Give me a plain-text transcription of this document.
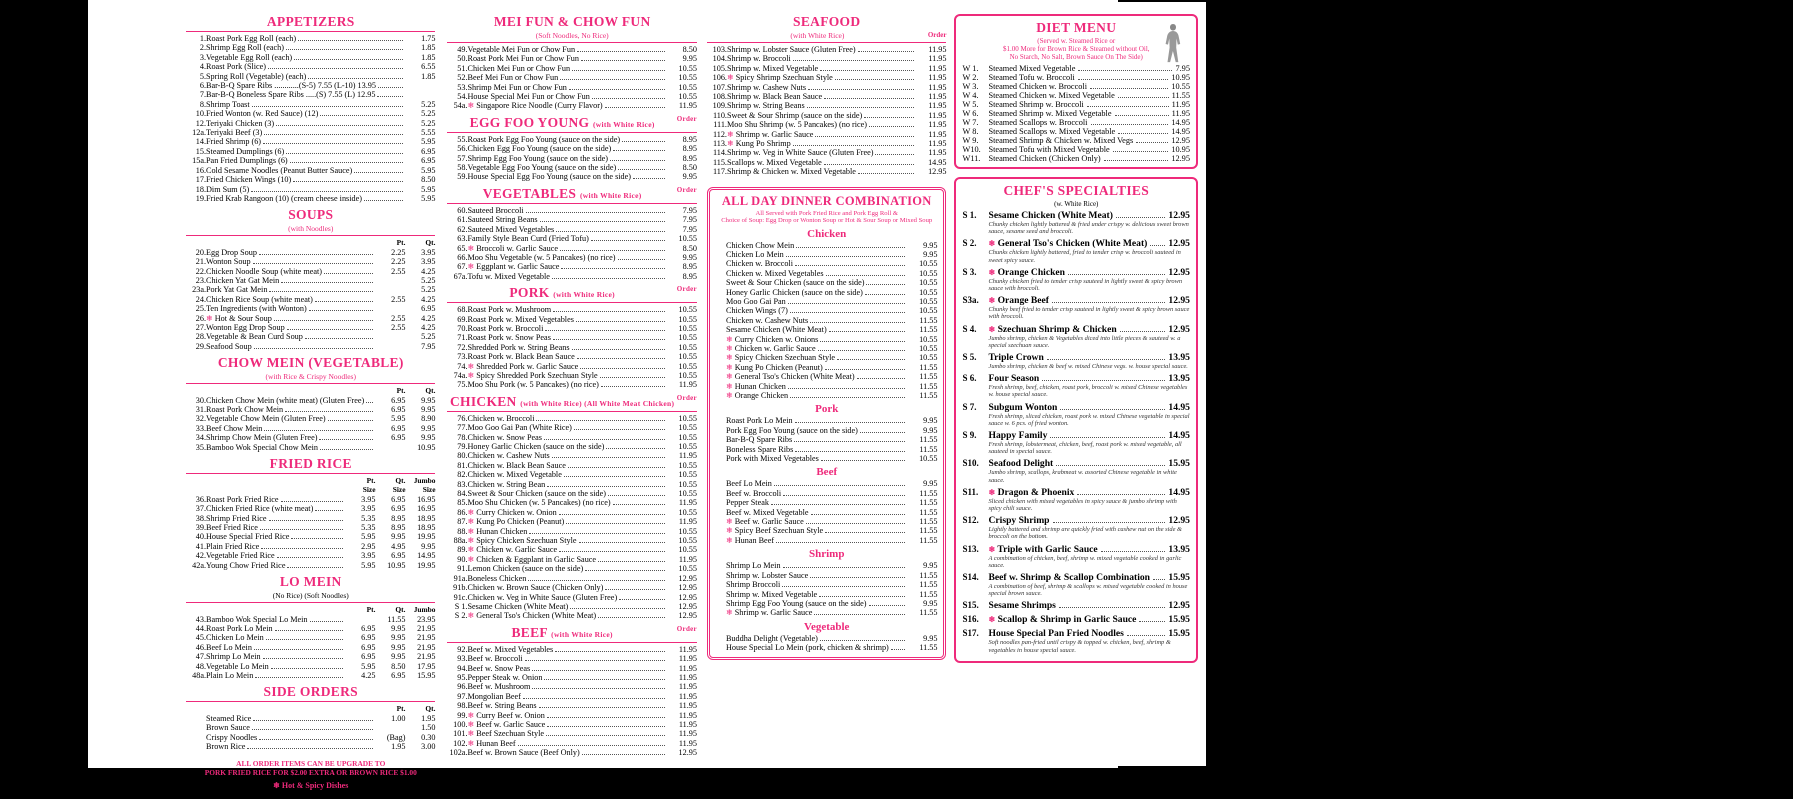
APPETIZERS
1.	Roast Pork Egg Roll (each)	1.75
2.	Shrimp Egg Roll (each)	1.85
3.	Vegetable Egg Roll (each)	1.85
4.	Roast Pork (Slice)	6.55
5.	Spring Roll (Vegetable) (each)	1.85
6.	Bar-B-Q Spare Ribs ............(S-5) 7.55 (L-10) 13.95	

7.	Bar-B-Q Boneless Spare Ribs .....(S) 7.55 (L) 12.95	

8.	Shrimp Toast	5.25
10.	Fried Wonton (w. Red Sauce) (12)	5.25
12.	Teriyaki Chicken (3)	5.25
12a.	Teriyaki Beef (3)	5.55
14.	Fried Shrimp (6)	5.95
15.	Steamed Dumplings (6)	6.95
15a.	Pan Fried Dumplings (6)	6.95
16.	Cold Sesame Noodles (Peanut Butter Sauce)	5.95
17.	Fried Chicken Wings (10)	8.50
18.	Dim Sum (5)	5.95
19.	Fried Krab Rangoon (10) (cream cheese inside)	5.95
SOUPS
(with Noodles)
		Pt.	Qt.
20.	Egg Drop Soup	2.25	3.95
21.	Wonton Soup	2.25	3.95
22.	Chicken Noodle Soup (white meat)	2.55	4.25
23.	Chicken Yat Gat Mein		5.25
23a.	Pork Yat Gat Mein		5.25
24.	Chicken Rice Soup (white meat)	2.55	4.25
25.	Ten Ingredients (with Wonton)		6.95
26.	❄ Hot & Sour Soup	2.55	4.25
27.	Wonton Egg Drop Soup	2.55	4.25
28.	Vegetable & Bean Curd Soup		5.25
29.	Seafood Soup		7.95
CHOW MEIN (VEGETABLE)
(with Rice & Crispy Noodles)
		Pt.	Qt.
30.	Chicken Chow Mein (white meat) (Gluten Free)	6.95	9.95
31.	Roast Pork Chow Mein	6.95	9.95
32.	Vegetable Chow Mein (Gluten Free)	5.95	8.90
33.	Beef Chow Mein	6.95	9.95
34.	Shrimp Chow Mein (Gluten Free)	6.95	9.95
35.	Bamboo Wok Special Chow Mein		10.95
FRIED RICE
		Pt.	Qt.	Jumbo
		Size	Size	Size
36.	Roast Pork Fried Rice	3.95	6.95	16.95
37.	Chicken Fried Rice (white meat)	3.95	6.95	16.95
38.	Shrimp Fried Rice	5.35	8.95	18.95
39.	Beef Fried Rice	5.35	8.95	18.95
40.	House Special Fried Rice	5.95	9.95	19.95
41.	Plain Fried Rice	2.95	4.95	9.95
42.	Vegetable Fried Rice	3.95	6.95	14.95
42a.	Young Chow Fried Rice	5.95	10.95	19.95
LO MEIN
(No Rice) (Soft Noodles)
		Pt.	Qt.	Jumbo
43.	Bamboo Wok Special Lo Mein		11.55	23.95
44.	Roast Pork Lo Mein	6.95	9.95	21.95
45.	Chicken Lo Mein	6.95	9.95	21.95
46.	Beef Lo Mein	6.95	9.95	21.95
47.	Shrimp Lo Mein	6.95	9.95	21.95
48.	Vegetable Lo Mein	5.95	8.50	17.95
48a.	Plain Lo Mein	4.25	6.95	15.95
SIDE ORDERS
		Pt.	Qt.

	Steamed Rice	1.00	1.95

	Brown Sauce		1.50

	Crispy Noodles	(Bag)	0.30

	Brown Rice	1.95	3.00
ALL ORDER ITEMS CAN BE UPGRADE TO
PORK FRIED RICE FOR $2.00 EXTRA OR BROWN RICE $1.00
❄ Hot & Spicy Dishes
We can alter the spice according to your taste.
MEI FUN & CHOW FUN
(Soft Noodles, No Rice)
49.	Vegetable Mei Fun or Chow Fun	8.50
50.	Roast Pork Mei Fun or Chow Fun	9.95
51.	Chicken Mei Fun or Chow Fun	10.55
52.	Beef Mei Fun or Chow Fun	10.55
53.	Shrimp Mei Fun or Chow Fun	10.55
54.	House Special Mei Fun or Chow Fun	10.55
54a.	❄ Singapore Rice Noodle (Curry Flavor)	11.95
EGG FOO YOUNG (with White Rice)
Order
55.	Roast Pork Egg Foo Young (sauce on the side)	8.95
56.	Chicken Egg Foo Young (sauce on the side)	8.95
57.	Shrimp Egg Foo Young (sauce on the side)	8.95
58.	Vegetable Egg Foo Young (sauce on the side)	8.50
59.	House Special Egg Foo Young (sauce on the side)	9.95
VEGETABLES (with White Rice)
Order
60.	Sauteed Broccoli	7.95
61.	Sauteed String Beans	7.95
62.	Sauteed Mixed Vegetables	7.95
63.	Family Style Bean Curd (Fried Tofu)	10.55
65.	❄ Broccoli w. Garlic Sauce	8.50
66.	Moo Shu Vegetable (w. 5 Pancakes) (no rice)	9.95
67.	❄ Eggplant w. Garlic Sauce	8.95
67a.	Tofu w. Mixed Vegetable	8.95
PORK (with White Rice)
Order
68.	Roast Pork w. Mushroom	10.55
69.	Roast Pork w. Mixed Vegetables	10.55
70.	Roast Pork w. Broccoli	10.55
71.	Roast Pork w. Snow Peas	10.55
72.	Shredded Pork w. String Beans	10.55
73.	Roast Pork w. Black Bean Sauce	10.55
74.	❄ Shredded Pork w. Garlic Sauce	10.55
74a.	❄ Spicy Shredded Pork Szechuan Style	10.55
75.	Moo Shu Pork (w. 5 Pancakes) (no rice)	11.95
CHICKEN (with White Rice) (All White Meat Chicken)
Order
76.	Chicken w. Broccoli	10.55
77.	Moo Goo Gai Pan (White Rice)	10.55
78.	Chicken w. Snow Peas	10.55
79.	Honey Garlic Chicken (sauce on the side)	10.55
80.	Chicken w. Cashew Nuts	11.95
81.	Chicken w. Black Bean Sauce	10.55
82.	Chicken w. Mixed Vegetable	10.55
83.	Chicken w. String Bean	10.55
84.	Sweet & Sour Chicken (sauce on the side)	10.55
85.	Moo Shu Chicken (w. 5 Pancakes) (no rice)	11.95
86.	❄ Curry Chicken w. Onion	10.55
87.	❄ Kung Po Chicken (Peanut)	11.95
88.	❄ Hunan Chicken	10.55
88a.	❄ Spicy Chicken Szechuan Style	10.55
89.	❄ Chicken w. Garlic Sauce	10.55
90.	❄ Chicken & Eggplant in Garlic Sauce	11.95
91.	Lemon Chicken (sauce on the side)	10.55
91a.	Boneless Chicken	12.95
91b.	Chicken w. Brown Sauce (Chicken Only)	12.95
91c.	Chicken w. Veg in White Sauce (Gluten Free)	12.95
S 1.	Sesame Chicken (White Meat)	12.95
S 2.	❄ General Tso's Chicken (White Meat)	12.95
BEEF (with White Rice)
Order
92.	Beef w. Mixed Vegetables	11.95
93.	Beef w. Broccoli	11.95
94.	Beef w. Snow Peas	11.95
95.	Pepper Steak w. Onion	11.95
96.	Beef w. Mushroom	11.95
97.	Mongolian Beef	11.95
98.	Beef w. String Beans	11.95
99.	❄ Curry Beef w. Onion	11.95
100.	❄ Beef w. Garlic Sauce	11.95
101.	❄ Beef Szechuan Style	11.95
102.	❄ Hunan Beef	11.95
102a.	Beef w. Brown Sauce (Beef Only)	12.95
SEAFOOD
(with White Rice)	Order
103.	Shrimp w. Lobster Sauce (Gluten Free)	11.95
104.	Shrimp w. Broccoli	11.95
105.	Shrimp w. Mixed Vegetable	11.95
106.	❄ Spicy Shrimp Szechuan Style	11.95
107.	Shrimp w. Cashew Nuts	11.95
108.	Shrimp w. Black Bean Sauce	11.95
109.	Shrimp w. String Beans	11.95
110.	Sweet & Sour Shrimp (sauce on the side)	11.95
111.	Moo Shu Shrimp (w. 5 Pancakes) (no rice)	11.95
112.	❄ Shrimp w. Garlic Sauce	11.95
113.	❄ Kung Po Shrimp	11.95
114.	Shrimp w. Veg in White Sauce (Gluten Free)	11.95
115.	Scallops w. Mixed Vegetable	14.95
117.	Shrimp & Chicken w. Mixed Vegetable	12.95
ALL DAY DINNER COMBINATION
All Served with Pork Fried Rice and Pork Egg Roll &
Choice of Soup: Egg Drop or Wonton Soup or Hot & Sour Soup or Mixed Soup
Chicken
Chicken Chow Mein	9.95

Chicken Lo Mein	9.95

Chicken w. Broccoli	10.55

Chicken w. Mixed Vegetables	10.55

Sweet & Sour Chicken (sauce on the side)	10.55

Honey Garlic Chicken (sauce on the side)	10.55

Moo Goo Gai Pan	10.55

Chicken Wings (7)	10.55

Chicken w. Cashew Nuts	11.55

Sesame Chicken (White Meat)	11.55

❄ Curry Chicken w. Onions	10.55

❄ Chicken w. Garlic Sauce	10.55

❄ Spicy Chicken Szechuan Style	10.55

❄ Kung Po Chicken (Peanut)	11.55

❄ General Tso's Chicken (White Meat)	11.55

❄ Hunan Chicken	11.55

❄ Orange Chicken	11.55
Pork
Roast Pork Lo Mein	9.95

Pork Egg Foo Young (sauce on the side)	9.95

Bar-B-Q Spare Ribs	11.55

Boneless Spare Ribs	11.55

Pork with Mixed Vegetables	10.55
Beef
Beef Lo Mein	9.95

Beef w. Broccoli	11.55

Pepper Steak	11.55

Beef w. Mixed Vegetable	11.55

❄ Beef w. Garlic Sauce	11.55

❄ Spicy Beef Szechuan Style	11.55

❄ Hunan Beef	11.55
Shrimp
Shrimp Lo Mein	9.95

Shrimp w. Lobster Sauce	11.55

Shrimp Broccoli	11.55

Shrimp w. Mixed Vegetable	11.55

Shrimp Egg Foo Young (sauce on the side)	9.95

❄ Shrimp w. Garlic Sauce	11.55
Vegetable
Buddha Delight (Vegetable)	9.95

House Special Lo Mein (pork, chicken & shrimp)	11.55
DIET MENU
(Served w. Steamed Rice or
$1.00 More for Brown Rice & Steamed without Oil,
No Starch, No Salt, Brown Sauce On The Side)
W 1.	Steamed Mixed Vegetable	7.95
W 2.	Steamed Tofu w. Broccoli	10.95
W 3.	Steamed Chicken w. Broccoli	10.55
W 4.	Steamed Chicken w. Mixed Vegetable	11.55
W 5.	Steamed Shrimp w. Broccoli	11.95
W 6.	Steamed Shrimp w. Mixed Vegetable	11.95
W 7.	Steamed Scallops w. Broccoli	14.95
W 8.	Steamed Scallops w. Mixed Vegetable	14.95
W 9.	Steamed Shrimp & Chicken w. Mixed Vegs	12.95
W10. Steamed Tofu with Mixed Vegetable	10.95
W11. Steamed Chicken (Chicken Only)	12.95
CHEF'S SPECIALTIES
(w. White Rice)
S 1.	Sesame Chicken (White Meat)	12.95
Chunky chicken lightly battered & fried under crispy w. delicious sweet brown sauce, sesame seed and broccoli.
S 2.	❄ General Tso's Chicken (White Meat) 12.95
Chunks chicken lightly battered, fried to tender crisp w. broccoli sauteed in sweet spicy sauce.
S 3.	❄ Orange Chicken	12.95
Chunky chicken fried to tender crisp sauteed in lightly sweet & spicy brown sauce with broccoli.
S3a.	❄ Orange Beef	12.95
Chunky beef fried to tender crisp sauteed in lightly sweet & spicy brown sauce with broccoli.
S 4.	❄ Szechuan Shrimp & Chicken	12.95
Jumbo shrimp, chicken & Vegetables diced into little pieces & sauteed w. a special szechuan sauce.
S 5.	Triple Crown	13.95
Jumbo shrimp, chicken & beef w. mixed Chinese vegs. w. house special sauce.
S 6.	Four Season	13.95
Fresh shrimp, beef, chicken, roast pork, broccoli w. mixed Chinese vegetables w. house special sauce.
S 7.	Subgum Wonton	14.95
Fresh shrimp, sliced chicken, roast pork w. mixed Chinese vegetable in special sauce w. 6 pcs. of fried wonton.
S 9.	Happy Family	14.95
Fresh shrimp, lobstermeat, chicken, beef, roast pork w. mixed vegetable, all sauteed in special sauce.
S10.	Seafood Delight	15.95
Jumbo shrimp, scallops, krabmeat w. assorted Chinese vegetable in white sauce.
S11.	❄ Dragon & Phoenix	14.95
Sliced chicken with mixed vegetables in spicy sauce & jumbo shrimp with spicy chili sauce.
S12.	Crispy Shrimp	12.95
Lightly battered and shrimp are quickly fried with cashew nut on the side & broccoli on the bottom.
S13.	❄ Triple with Garlic Sauce	13.95
A combination of chicken, beef, shrimp w. mixed vegetable cooked in garlic sauce.
S14.	Beef w. Shrimp & Scallop Combination 15.95
A combination of beef, shrimp & scallops w. mixed vegetable cooked in house special brown sauce.
S15.	Sesame Shrimps	12.95
S16.	❄ Scallop & Shrimp in Garlic Sauce	15.95
S17.	House Special Pan Fried Noodles	15.95
Soft noodles pan-fried until crispy & topped w. chicken, beef, shrimp & vegetables in house special sauce.
